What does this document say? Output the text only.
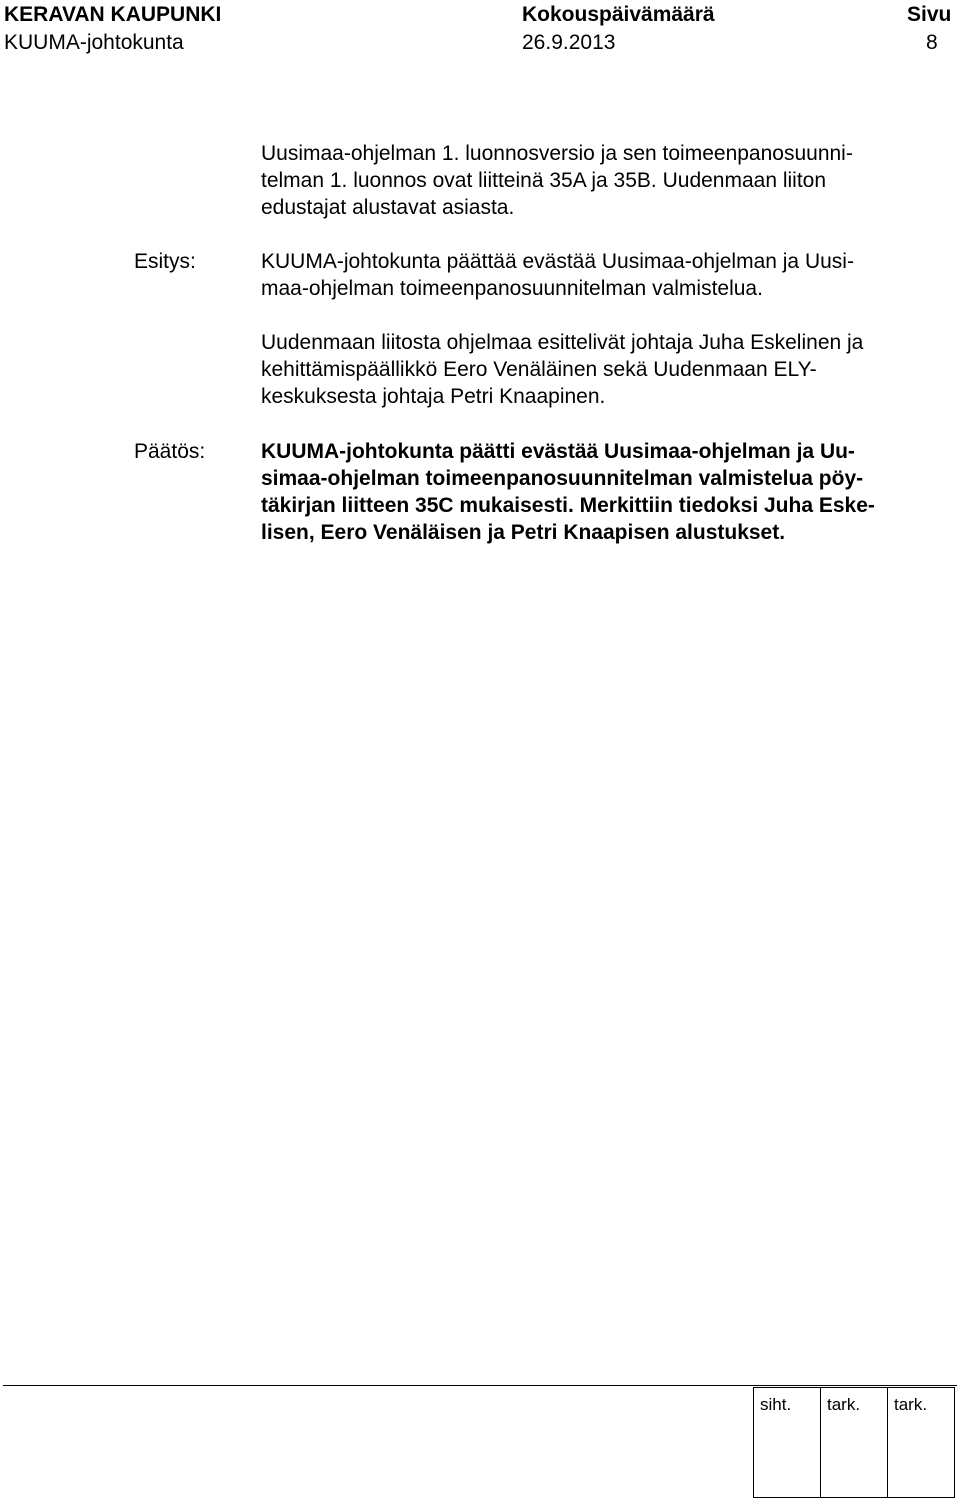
KERAVAN KAUPUNKI
KUUMA-johtokunta
Kokouspäivämäärä
26.9.2013
Sivu
8
Uusimaa-ohjelman 1. luonnosversio ja sen toimeenpanosuunni-
telman 1. luonnos ovat liitteinä 35A ja 35B. Uudenmaan liiton
edustajat alustavat asiasta.
Esitys:	KUUMA-johtokunta päättää evästää Uusimaa-ohjelman ja Uusi-
maa-ohjelman toimeenpanosuunnitelman valmistelua.
Uudenmaan liitosta ohjelmaa esittelivät johtaja Juha Eskelinen ja
kehittämispäällikkö Eero Venäläinen sekä Uudenmaan ELY-
keskuksesta johtaja Petri Knaapinen.
Päätös:	KUUMA-johtokunta päätti evästää Uusimaa-ohjelman ja Uu-
simaa-ohjelman toimeenpanosuunnitelman valmistelua pöy-
täkirjan liitteen 35C mukaisesti. Merkittiin tiedoksi Juha Eske-
lisen, Eero Venäläisen ja Petri Knaapisen alustukset.
siht.	tark.	tark.
